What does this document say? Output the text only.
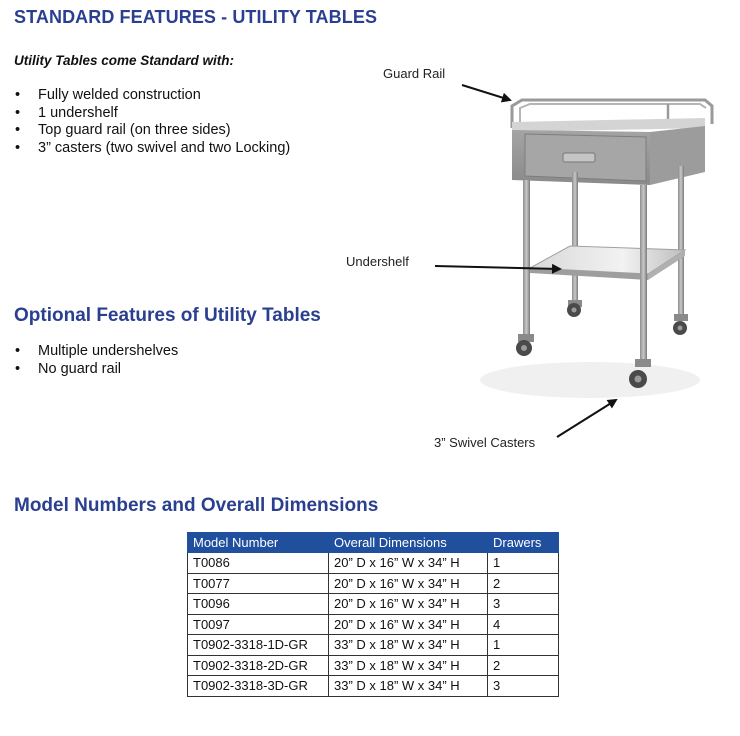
STANDARD FEATURES - UTILITY TABLES
Utility Tables come Standard with:
• Fully welded construction
• 1 undershelf
• Top guard rail (on three sides)
• 3” casters (two swivel and two Locking)
Optional Features of Utility Tables
• Multiple undershelves
• No guard rail
Guard Rail
Undershelf
3” Swivel Casters
Model Numbers and Overall Dimensions
Model Number	Overall Dimensions	Drawers
T0086	20” D x 16” W x 34” H	1
T0077	20” D x 16” W x 34” H	2
T0096	20” D x 16” W x 34” H	3
T0097	20” D x 16” W x 34” H	4
T0902-3318-1D-GR	33” D x 18” W x 34” H	1
T0902-3318-2D-GR	33” D x 18” W x 34” H	2
T0902-3318-3D-GR	33” D x 18” W x 34” H	3
